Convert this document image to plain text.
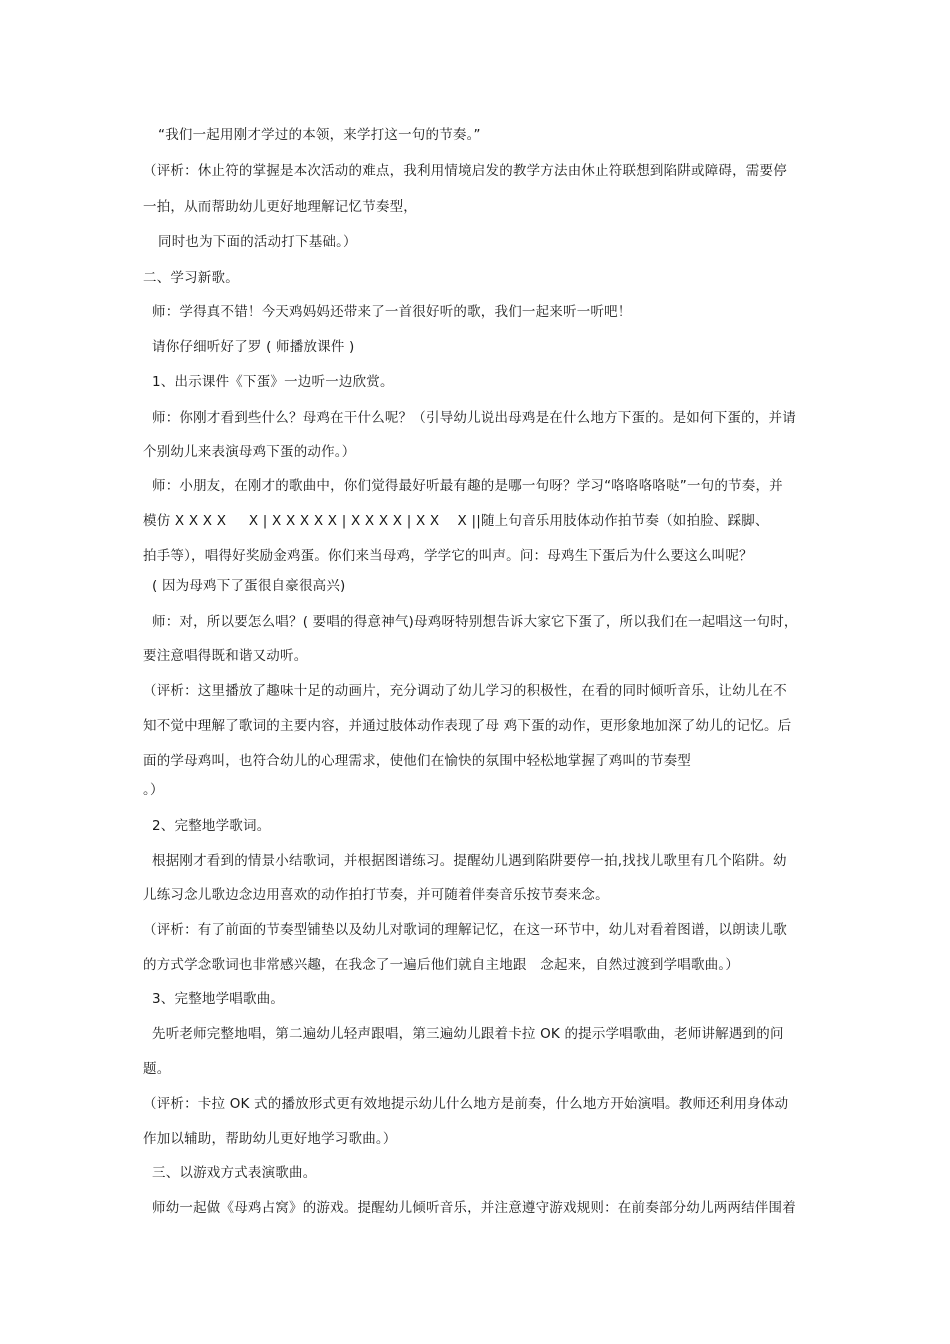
“我们一起用刚才学过的本领，来学打这一句的节奏。”
（评析：休止符的掌握是本次活动的难点，我利用情境启发的教学方法由休止符联想到陷阱或障碍，需要停
一拍，从而帮助幼儿更好地理解记忆节奏型，
同时也为下面的活动打下基础。）
二、学习新歌。
师：学得真不错！今天鸡妈妈还带来了一首很好听的歌，我们一起来听一听吧！
请你仔细听好了罗 ( 师播放课件 )
1、出示课件《下蛋》一边听一边欣赏。
师：你刚才看到些什么？母鸡在干什么呢？（引导幼儿说出母鸡是在什么地方下蛋的。是如何下蛋的，并请
个别幼儿来表演母鸡下蛋的动作。）
师：小朋友，在刚才的歌曲中，你们觉得最好听最有趣的是哪一句呀？学习“咯咯咯咯哒”一句的节奏，并
模仿 X X X X 　 X | X X X X X | X X X X | X X 　X ||随上句音乐用肢体动作拍节奏（如拍脸、踩脚、
拍手等），唱得好奖励金鸡蛋。你们来当母鸡，学学它的叫声。问：母鸡生下蛋后为什么要这么叫呢？
( 因为母鸡下了蛋很自豪很高兴)
师：对，所以要怎么唱？( 要唱的得意神气)母鸡呀特别想告诉大家它下蛋了，所以我们在一起唱这一句时，
要注意唱得既和谐又动听。
（评析：这里播放了趣味十足的动画片，充分调动了幼儿学习的积极性，在看的同时倾听音乐，让幼儿在不
知不觉中理解了歌词的主要内容，并通过肢体动作表现了母 鸡下蛋的动作，更形象地加深了幼儿的记忆。后
面的学母鸡叫，也符合幼儿的心理需求，使他们在愉快的氛围中轻松地掌握了鸡叫的节奏型
。）
2、完整地学歌词。
根据刚才看到的情景小结歌词，并根据图谱练习。提醒幼儿遇到陷阱要停一拍,找找儿歌里有几个陷阱。幼
儿练习念儿歌边念边用喜欢的动作拍打节奏，并可随着伴奏音乐按节奏来念。
（评析：有了前面的节奏型铺垫以及幼儿对歌词的理解记忆，在这一环节中，幼儿对看着图谱，以朗读儿歌
的方式学念歌词也非常感兴趣，在我念了一遍后他们就自主地跟　念起来，自然过渡到学唱歌曲。）
3、完整地学唱歌曲。
先听老师完整地唱，第二遍幼儿轻声跟唱，第三遍幼儿跟着卡拉 OK 的提示学唱歌曲，老师讲解遇到的问
题。
（评析：卡拉 OK 式的播放形式更有效地提示幼儿什么地方是前奏，什么地方开始演唱。教师还利用身体动
作加以辅助，帮助幼儿更好地学习歌曲。）
三、以游戏方式表演歌曲。
师幼一起做《母鸡占窝》的游戏。提醒幼儿倾听音乐，并注意遵守游戏规则：在前奏部分幼儿两两结伴围着
